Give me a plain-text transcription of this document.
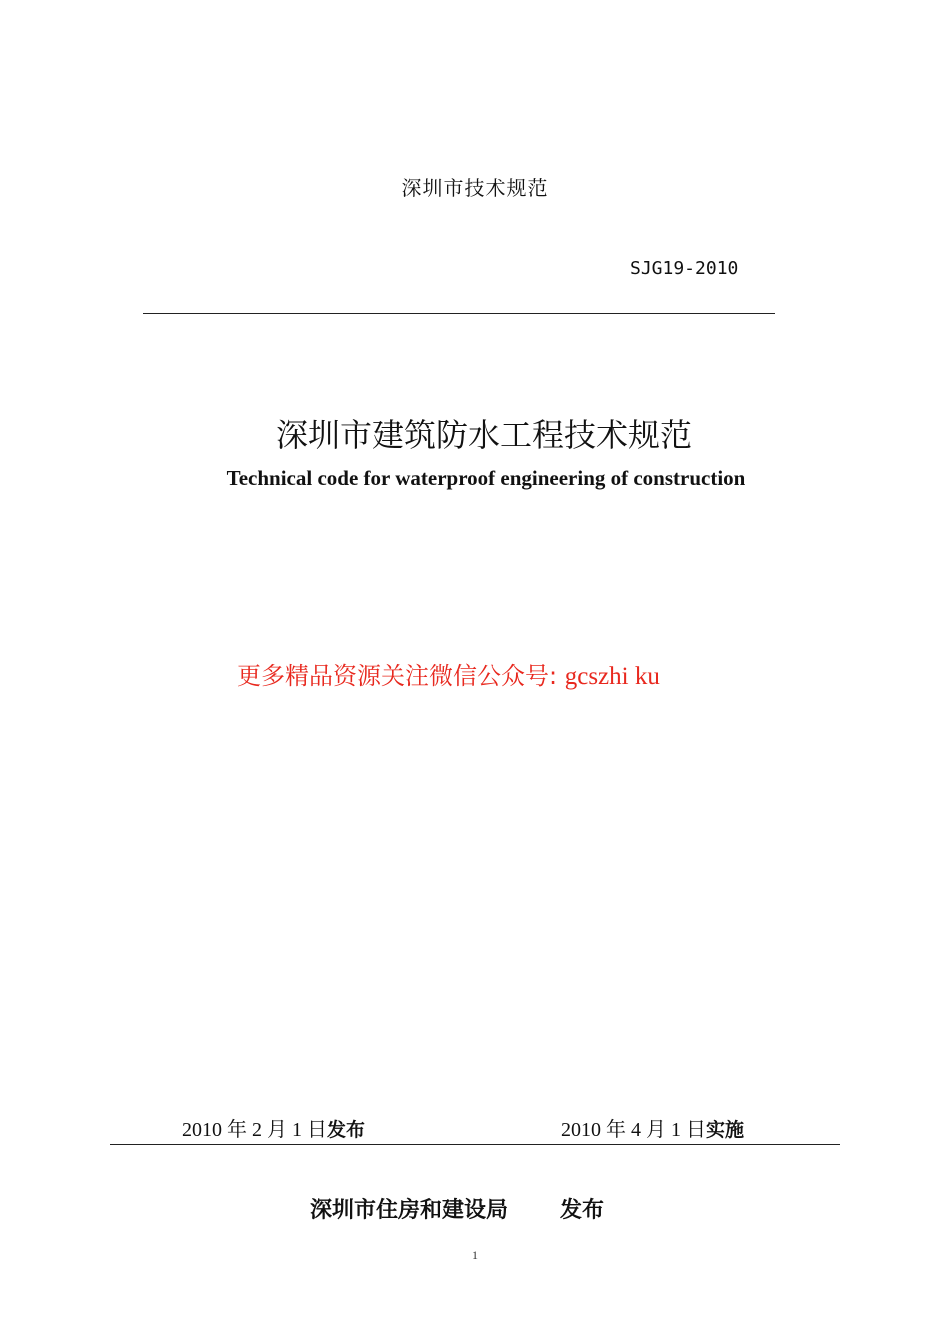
深圳市技术规范
SJG19-2010
深圳市建筑防水工程技术规范
Technical code for waterproof engineering of construction
更多精品资源关注微信公众号: gcszhi ku
2010 年 2 月 1 日发布	2010 年 4 月 1 日实施
深圳市住房和建设局 发布
1
